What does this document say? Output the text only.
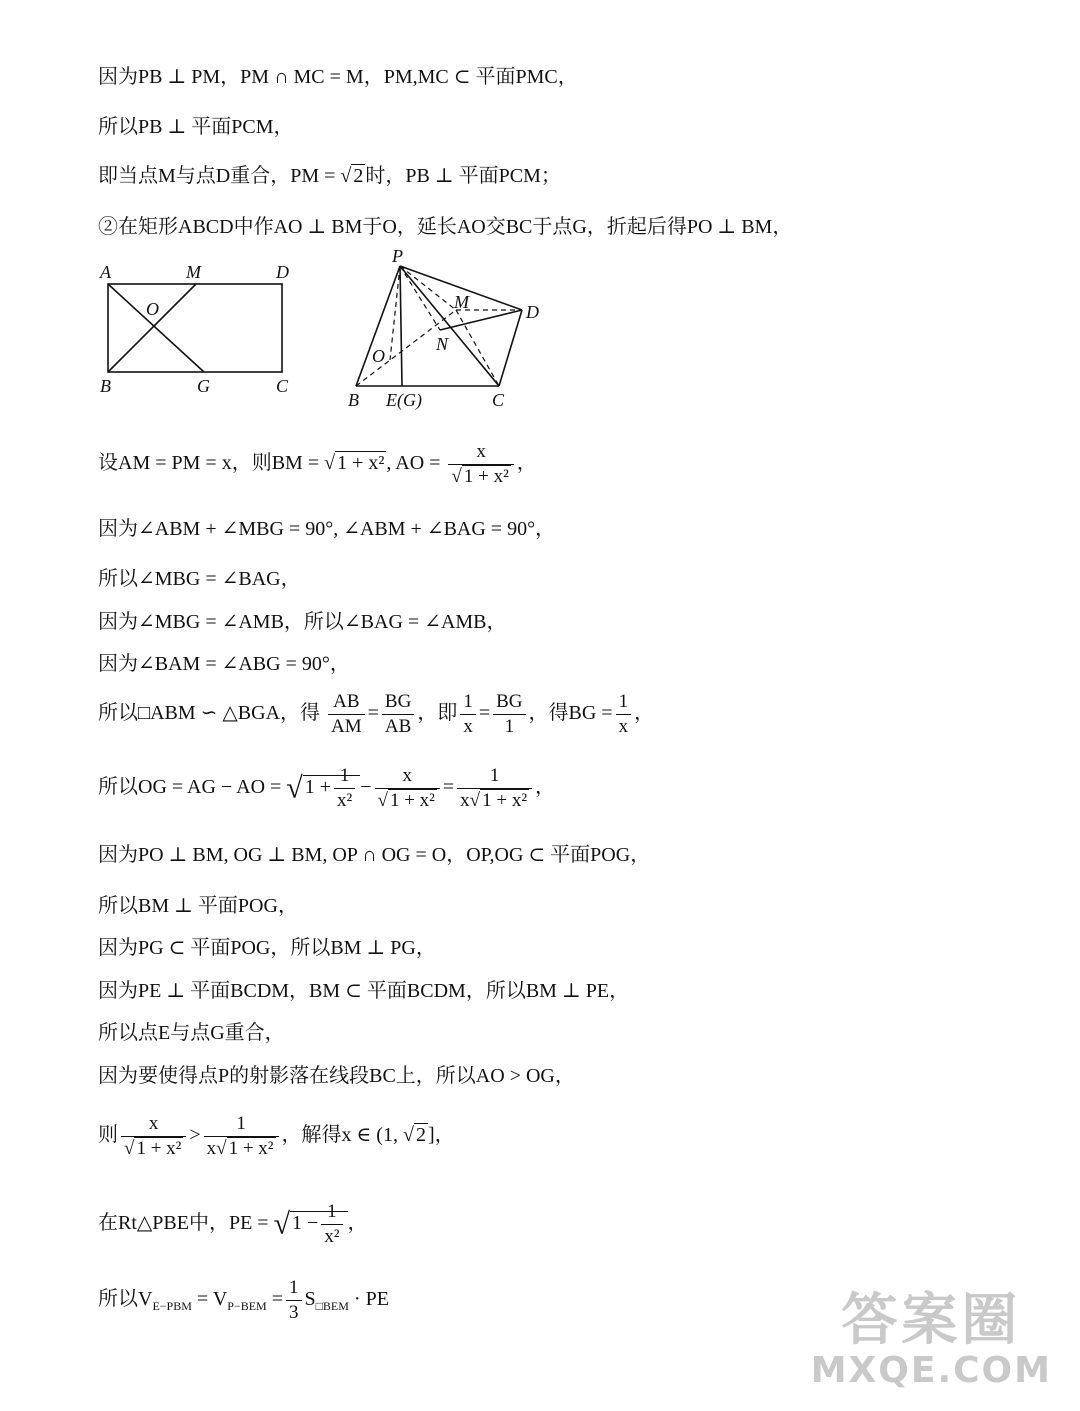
因为PB ⊥ PM，PM ∩ MC = M，PM,MC ⊂ 平面PMC，
所以PB ⊥ 平面PCM，
即当点M与点D重合，PM = √ 2 时，PB ⊥ 平面PCM；
②在矩形ABCD中作AO ⊥ BM于O，延长AO交BC于点G，折起后得PO ⊥ BM，
A	M	D
O
B	G	C
P
M	D
N
O
B E(G)	C
设AM = PM = x，则BM = √ 1 + x² , AO = $\frac{x}{\text{√ 1 + x²}}$ ，
因为∠ABM + ∠MBG = 90°, ∠ABM + ∠BAG = 90°，
所以∠MBG = ∠BAG，
因为∠MBG = ∠AMB，所以∠BAG = ∠AMB，
因为∠BAM = ∠ABG = 90°，
所以□ABM ∽ △BGA，得 $\frac{AB}{AM} = \frac{BG}{AB}$ ，即 $\frac{1}{x} = \frac{BG}{1}$ ，得BG = $\frac{1}{x}$ ，
所以OG = AG − AO = √ $1 + \frac{1}{\text{x²}} - \frac{x}{\text{√ 1 + x²}} = \frac{1}{\text{x√ 1 + x²}}$ ，
因为PO ⊥ BM, OG ⊥ BM, OP ∩ OG = O，OP,OG ⊂ 平面POG，
所以BM ⊥ 平面POG，
因为PG ⊂ 平面POG，所以BM ⊥ PG，
因为PE ⊥ 平面BCDM，BM ⊂ 平面BCDM，所以BM ⊥ PE，
所以点E与点G重合，
因为要使得点P的射影落在线段BC上，所以AO > OG，
则 $\frac{x}{\text{√ 1 + x²}} > \frac{1}{\text{x√ 1 + x²}}$ ，解得x ∈ (1, √ 2 ]，
在Rt△PBE中，PE = √ $1 - \frac{1}{\text{x²}}$ ，
所以$V_{E-PBM} = V_{P-BEM} = \frac{1}{3} S_{□BEM}$ · PE	答案圈
MXQE.COM
